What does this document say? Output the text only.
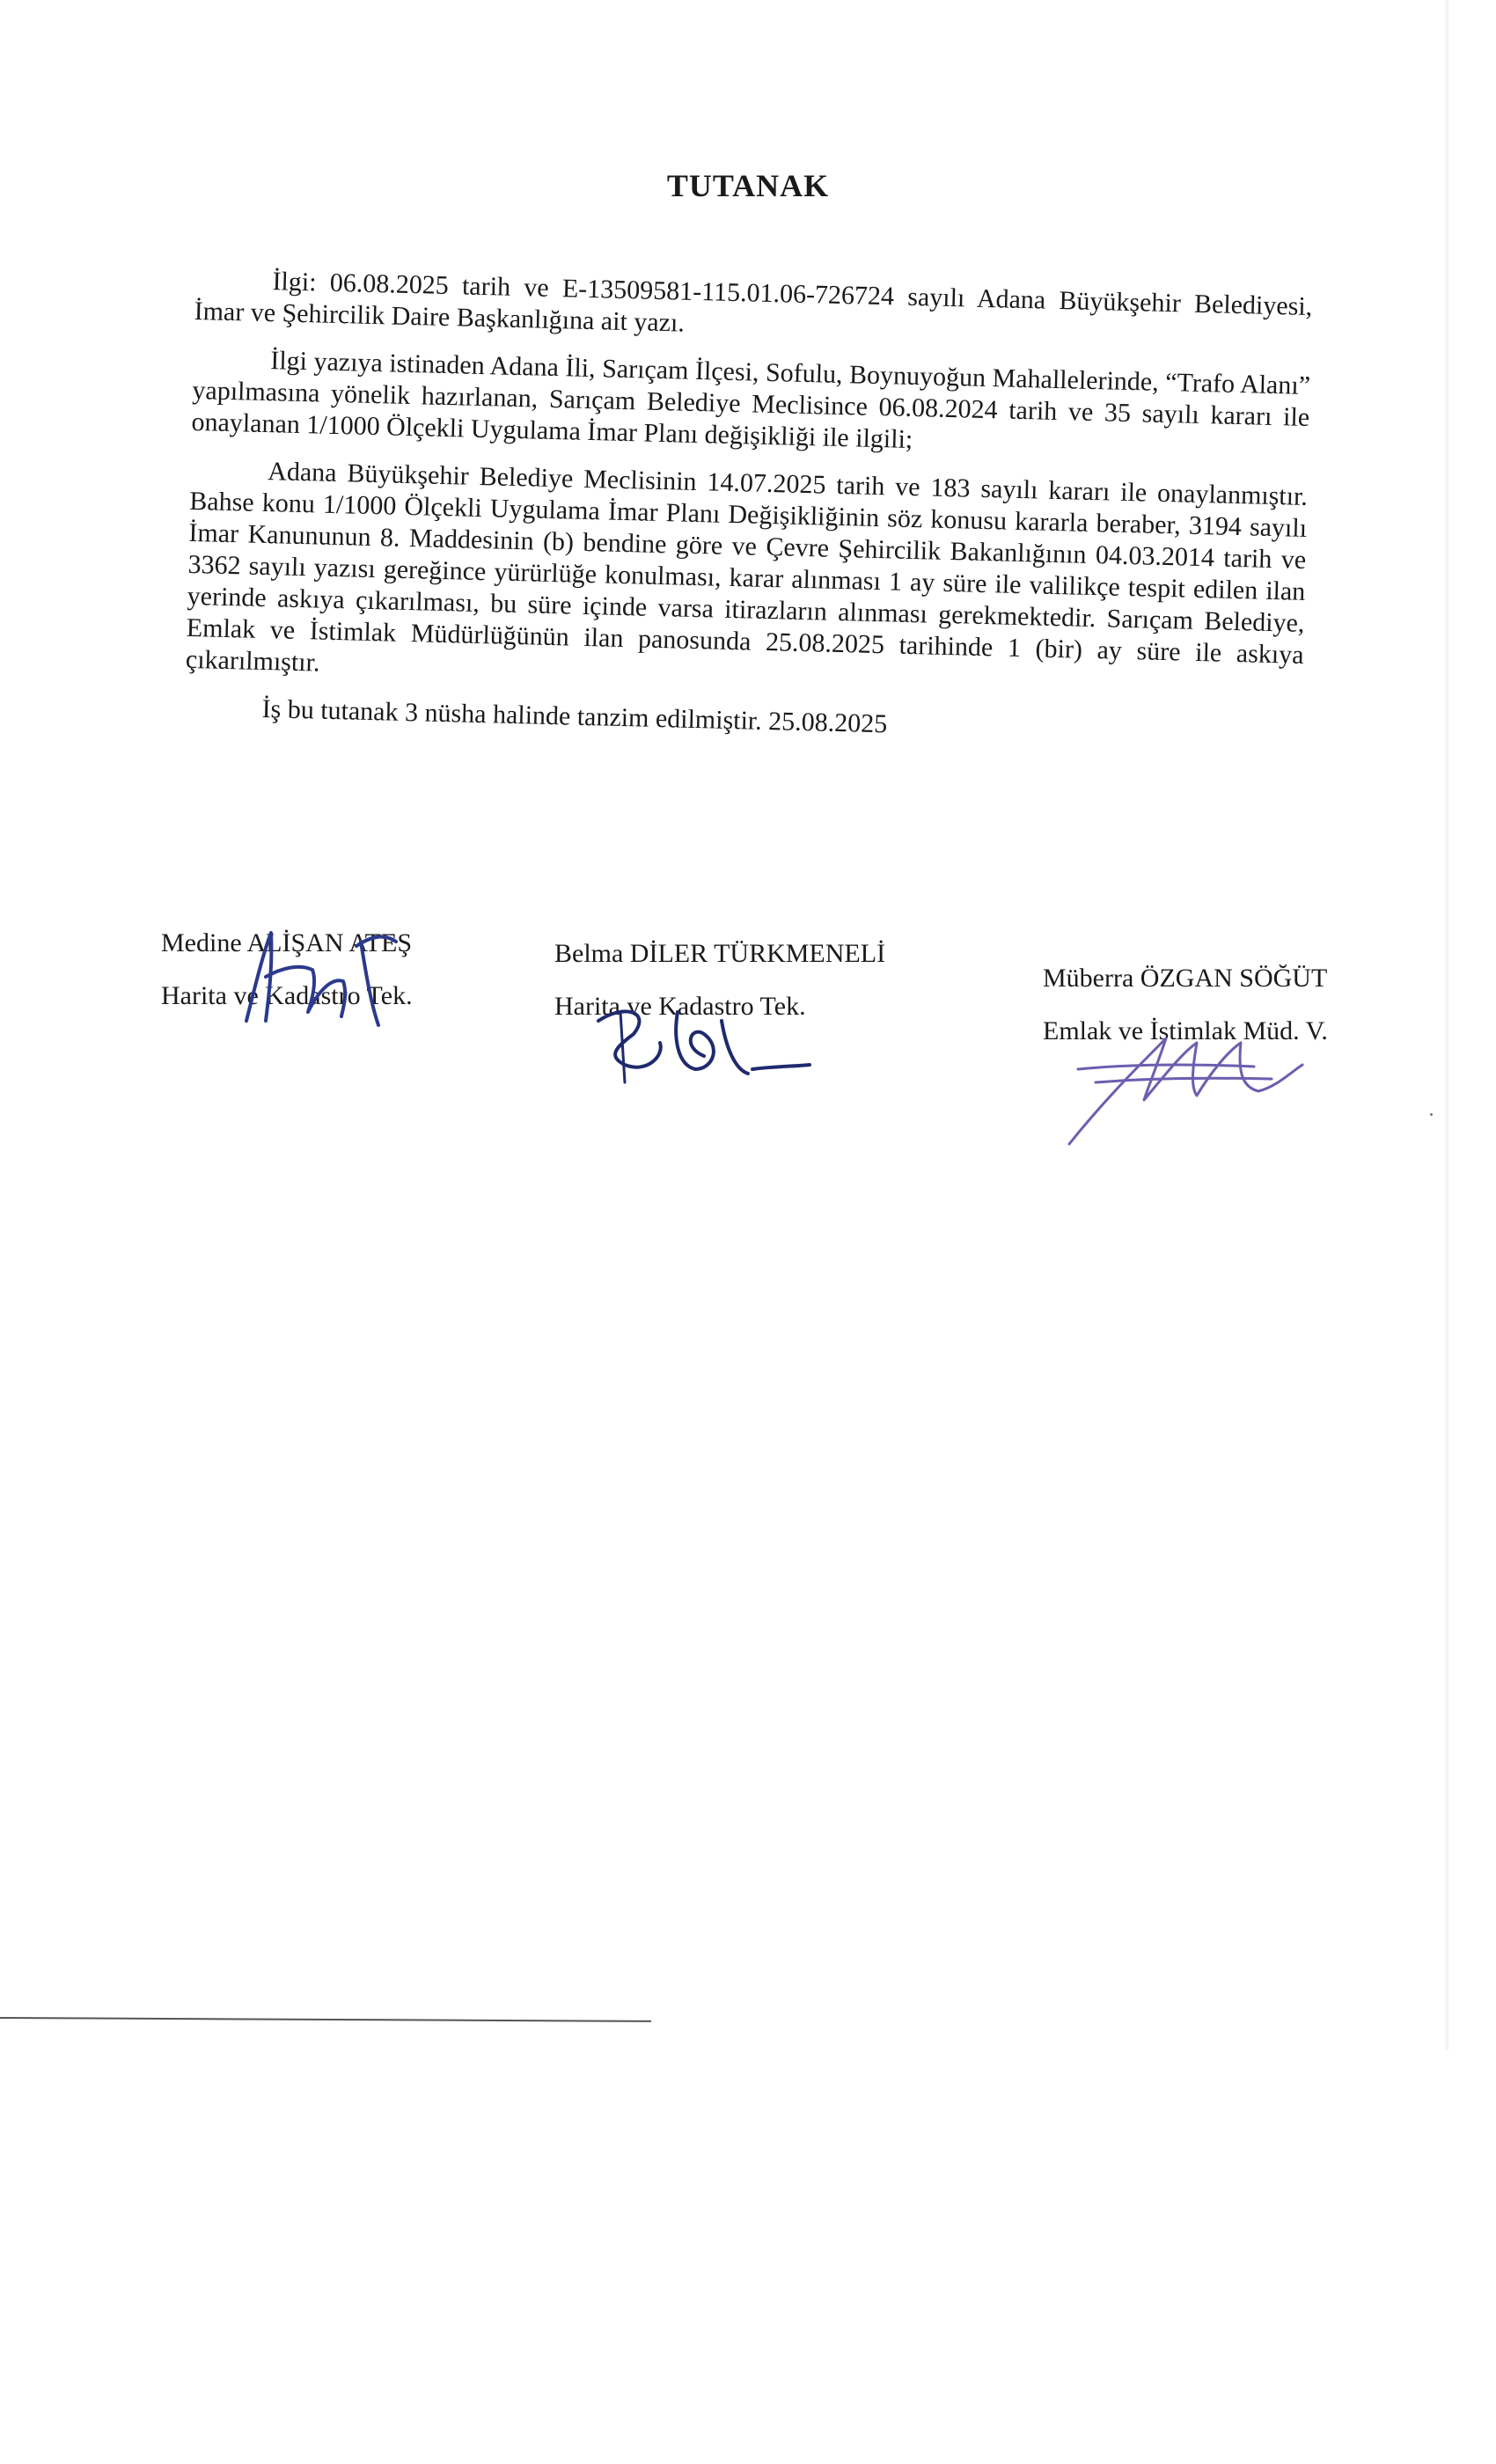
TUTANAK

İlgi: 06.08.2025 tarih ve E-13509581-115.01.06-726724 sayılı Adana Büyükşehir Belediyesi, İmar ve Şehircilik Daire Başkanlığına ait yazı.

İlgi yazıya istinaden Adana İli, Sarıçam İlçesi, Sofulu, Boynuyoğun Mahallelerinde, “Trafo Alanı” yapılmasına yönelik hazırlanan, Sarıçam Belediye Meclisince 06.08.2024 tarih ve 35 sayılı kararı ile onaylanan 1/1000 Ölçekli Uygulama İmar Planı değişikliği ile ilgili;

Adana Büyükşehir Belediye Meclisinin 14.07.2025 tarih ve 183 sayılı kararı ile onaylanmıştır. Bahse konu 1/1000 Ölçekli Uygulama İmar Planı Değişikliğinin söz konusu kararla beraber, 3194 sayılı İmar Kanununun 8. Maddesinin (b) bendine göre ve Çevre Şehircilik Bakanlığının 04.03.2014 tarih ve 3362 sayılı yazısı gereğince yürürlüğe konulması, karar alınması 1 ay süre ile valilikçe tespit edilen ilan yerinde askıya çıkarılması, bu süre içinde varsa itirazların alınması gerekmektedir. Sarıçam Belediye, Emlak ve İstimlak Müdürlüğünün ilan panosunda 25.08.2025 tarihinde 1 (bir) ay süre ile askıya çıkarılmıştır.

İş bu tutanak 3 nüsha halinde tanzim edilmiştir. 25.08.2025

Medine ALİŞAN ATEŞ
Harita ve Kadastro Tek.
Belma DİLER TÜRKMENELİ
Harita ve Kadastro Tek.
Müberra ÖZGAN SÖĞÜT
Emlak ve İstimlak Müd. V.
